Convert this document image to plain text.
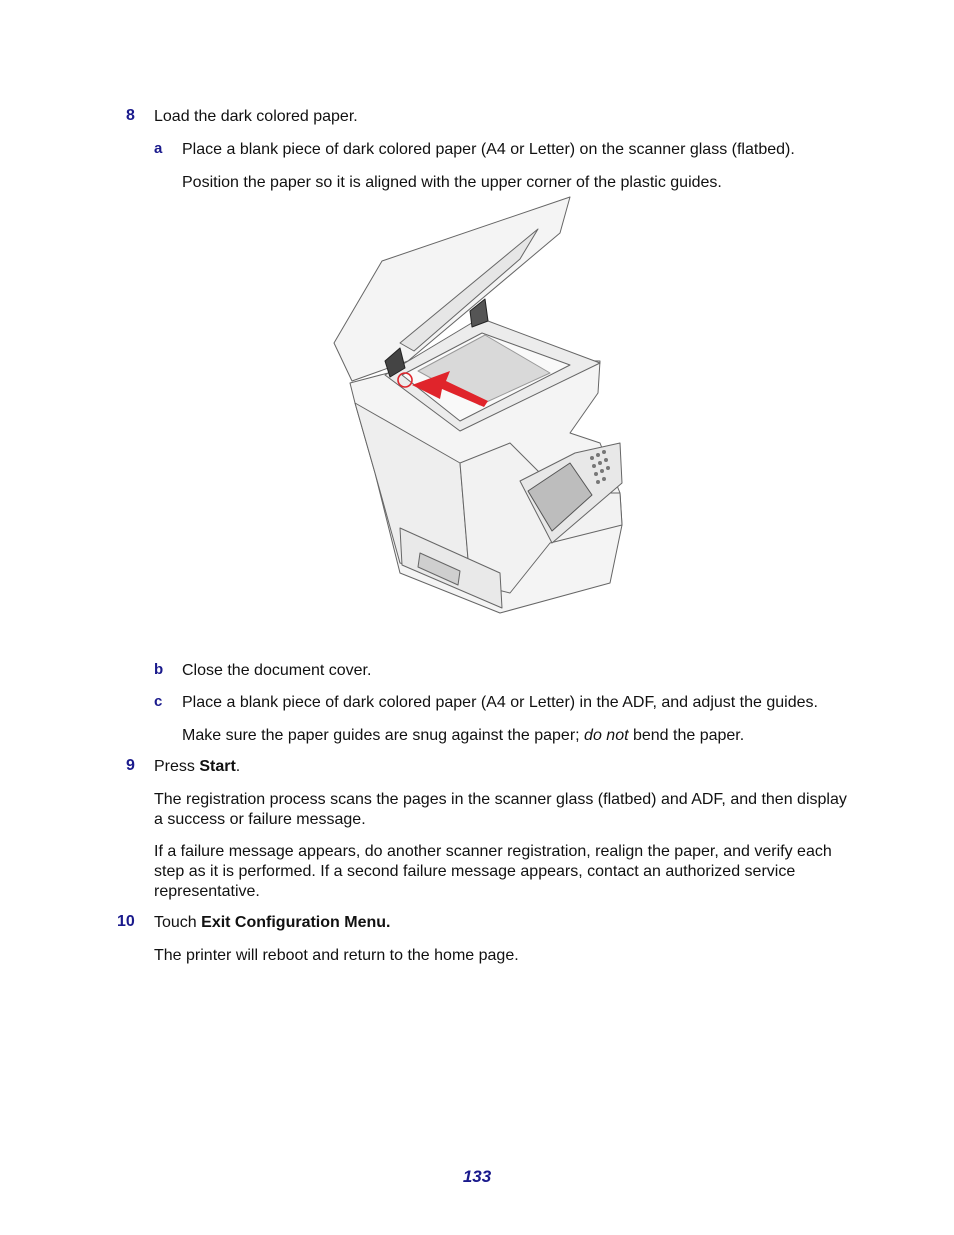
8 Load the dark colored paper.
a Place a blank piece of dark colored paper (A4 or Letter) on the scanner glass (flatbed).
Position the paper so it is aligned with the upper corner of the plastic guides.
b Close the document cover.
c Place a blank piece of dark colored paper (A4 or Letter) in the ADF, and adjust the guides.
Make sure the paper guides are snug against the paper; do not bend the paper.
9 Press Start.
The registration process scans the pages in the scanner glass (flatbed) and ADF, and then display a success or failure message.
If a failure message appears, do another scanner registration, realign the paper, and verify each step as it is performed. If a second failure message appears, contact an authorized service representative.
10 Touch Exit Configuration Menu.
The printer will reboot and return to the home page.
133
